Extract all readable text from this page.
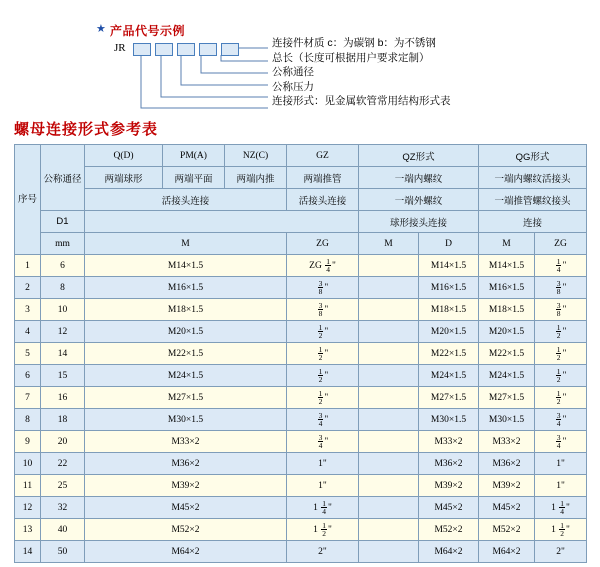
★ 产品代号示例
JR	连接件材质 c：为碳钢 b：为不锈钢
总长（长度可根据用户要求定制）
公称通径
公称压力
连接形式：见金属软管常用结构形式表
螺母连接形式参考表
序号	公称通径	Q(D)	PM(A)	NZ(C)	GZ	QZ形式		QG形式	
		两端球形	两端平面	两端内推	两端推管	一端内螺纹		一端内螺纹活接头	
		活接头连接			活接头连接	一端外螺纹		一端推管螺纹接头	
	D1					球形接头连接		连接	
	mm	M			ZG	M	D	M	ZG
1	6	M14×1.5			ZG $\frac{1}{4}$ "		M14×1.5	M14×1.5	$\frac{1}{4}$ "
2	8	M16×1.5			$\frac{3}{8}$ "		M16×1.5	M16×1.5	$\frac{3}{8}$ "
3	10	M18×1.5			$\frac{3}{8}$ "		M18×1.5	M18×1.5	$\frac{3}{8}$ "
4	12	M20×1.5			$\frac{1}{2}$ "		M20×1.5	M20×1.5	$\frac{1}{2}$ "
5	14	M22×1.5			$\frac{1}{2}$ "		M22×1.5	M22×1.5	$\frac{1}{2}$ "
6	15	M24×1.5			$\frac{1}{2}$ "		M24×1.5	M24×1.5	$\frac{1}{2}$ "
7	16	M27×1.5			$\frac{1}{2}$ "		M27×1.5	M27×1.5	$\frac{1}{2}$ "
8	18	M30×1.5			$\frac{3}{4}$ "		M30×1.5	M30×1.5	$\frac{3}{4}$ "
9	20	M33×2			$\frac{3}{4}$ "		M33×2	M33×2	$\frac{3}{4}$ "
10	22	M36×2			1"		M36×2	M36×2	1"
11	25	M39×2			1"		M39×2	M39×2	1"
12	32	M45×2			$1 \frac{1}{4}$ "		M45×2	M45×2	$1 \frac{1}{4}$ "
13	40	M52×2			$1 \frac{1}{2}$ "		M52×2	M52×2	$1 \frac{1}{2}$ "
14	50	M64×2			2"		M64×2	M64×2	2"
